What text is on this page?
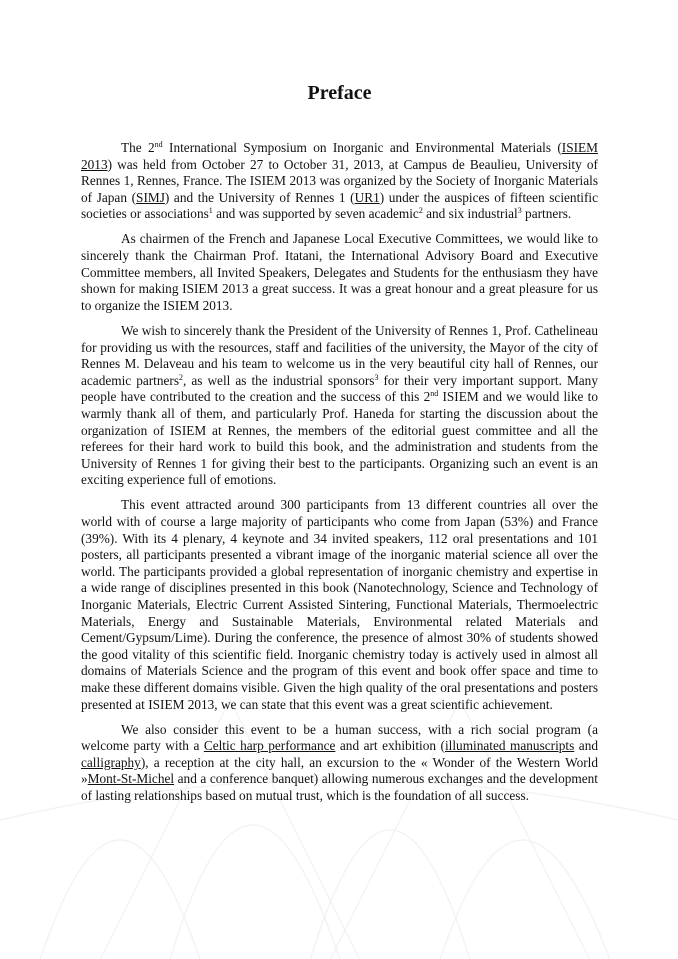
Preface

The 2nd International Symposium on Inorganic and Environmental Materials (ISIEM 2013) was held from October 27 to October 31, 2013, at Campus de Beaulieu, University of Rennes 1, Rennes, France. The ISIEM 2013 was organized by the Society of Inorganic Materials of Japan (SIMJ) and the University of Rennes 1 (UR1) under the auspices of fifteen scientific societies or associations$^1$ and was supported by seven academic$^2$ and six industrial$^3$ partners.

As chairmen of the French and Japanese Local Executive Committees, we would like to sincerely thank the Chairman Prof. Itatani, the International Advisory Board and Executive Committee members, all Invited Speakers, Delegates and Students for the enthusiasm they have shown for making ISIEM 2013 a great success. It was a great honour and a great pleasure for us to organize the ISIEM 2013.

We wish to sincerely thank the President of the University of Rennes 1, Prof. Cathelineau for providing us with the resources, staff and facilities of the university, the Mayor of the city of Rennes M. Delaveau and his team to welcome us in the very beautiful city hall of Rennes, our academic partners$^2$, as well as the industrial sponsors$^3$ for their very important support. Many people have contributed to the creation and the success of this 2nd ISIEM and we would like to warmly thank all of them, and particularly Prof. Haneda for starting the discussion about the organization of ISIEM at Rennes, the members of the editorial guest committee and all the referees for their hard work to build this book, and the administration and students from the University of Rennes 1 for giving their best to the participants. Organizing such an event is an exciting experience full of emotions.

This event attracted around 300 participants from 13 different countries all over the world with of course a large majority of participants who come from Japan (53%) and France (39%). With its 4 plenary, 4 keynote and 34 invited speakers, 112 oral presentations and 101 posters, all participants presented a vibrant image of the inorganic material science all over the world. The participants provided a global representation of inorganic chemistry and expertise in a wide range of disciplines presented in this book (Nanotechnology, Science and Technology of Inorganic Materials, Electric Current Assisted Sintering, Functional Materials, Thermoelectric Materials, Energy and Sustainable Materials, Environmental related Materials and Cement/Gypsum/Lime). During the conference, the presence of almost 30% of students showed the good vitality of this scientific field. Inorganic chemistry today is actively used in almost all domains of Materials Science and the program of this event and book offer space and time to make these different domains visible. Given the high quality of the oral presentations and posters presented at ISIEM 2013, we can state that this event was a great scientific achievement.

We also consider this event to be a human success, with a rich social program (a welcome party with a Celtic harp performance and art exhibition (illuminated manuscripts and calligraphy), a reception at the city hall, an excursion to the « Wonder of the Western World »Mont-St-Michel and a conference banquet) allowing numerous exchanges and the development of lasting relationships based on mutual trust, which is the foundation of all success.
